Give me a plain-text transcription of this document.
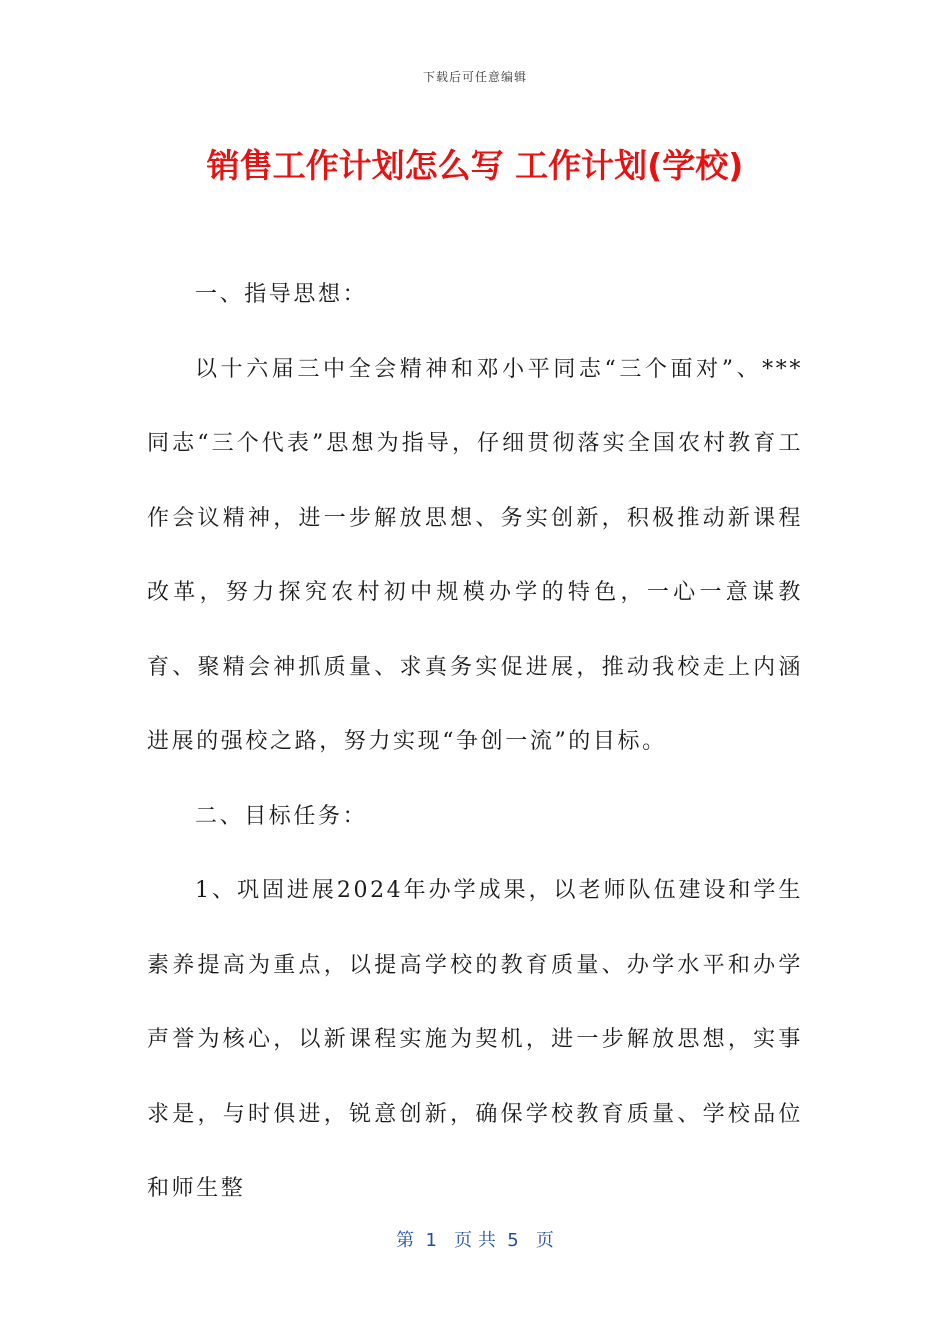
下载后可任意编辑
销售工作计划怎么写 工作计划(学校)

一、指导思想：

以十六届三中全会精神和邓小平同志“三个面对”、***同志“三个代表”思想为指导，仔细贯彻落实全国农村教育工作会议精神，进一步解放思想、务实创新，积极推动新课程改革，努力探究农村初中规模办学的特色，一心一意谋教育、聚精会神抓质量、求真务实促进展，推动我校走上内涵进展的强校之路，努力实现“争创一流”的目标。

二、目标任务：

1、巩固进展2024年办学成果，以老师队伍建设和学生素养提高为重点，以提高学校的教育质量、办学水平和办学声誉为核心，以新课程实施为契机，进一步解放思想，实事求是，与时俱进，锐意创新，确保学校教育质量、学校品位和师生整

第  1   页 共  5   页
